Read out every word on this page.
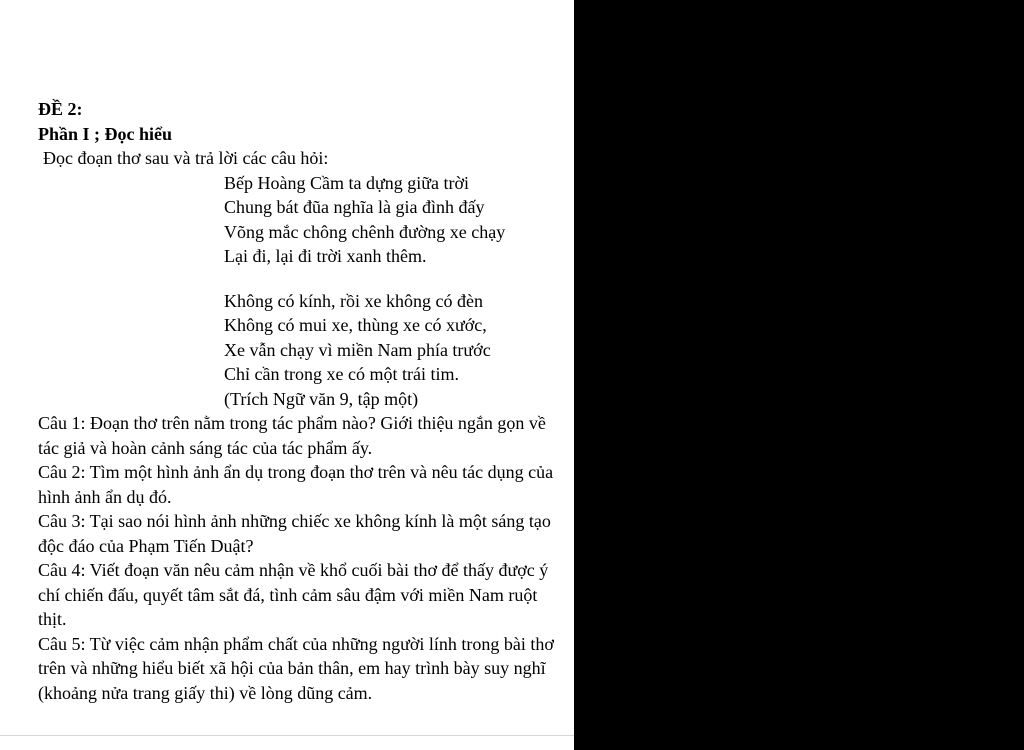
ĐỀ 2:

Phần I ; Đọc hiểu

Đọc đoạn thơ sau và trả lời các câu hỏi:

Bếp Hoàng Cầm ta dựng giữa trời
Chung bát đũa nghĩa là gia đình đấy
Võng mắc chông chênh đường xe chạy
Lại đi, lại đi trời xanh thêm.
Không có kính, rồi xe không có đèn
Không có mui xe, thùng xe có xước,
Xe vẫn chạy vì miền Nam phía trước
Chỉ cần trong xe có một trái tim.
(Trích Ngữ văn 9, tập một)
Câu 1: Đoạn thơ trên nằm trong tác phẩm nào? Giới thiệu ngắn gọn về tác giả và hoàn cảnh sáng tác của tác phẩm ấy.
Câu 2: Tìm một hình ảnh ẩn dụ trong đoạn thơ trên và nêu tác dụng của hình ảnh ẩn dụ đó.
Câu 3: Tại sao nói hình ảnh những chiếc xe không kính là một sáng tạo độc đáo của Phạm Tiến Duật?
Câu 4: Viết đoạn văn nêu cảm nhận về khổ cuối bài thơ để thấy được ý chí chiến đấu, quyết tâm sắt đá, tình cảm sâu đậm với miền Nam ruột thịt.
Câu 5: Từ việc cảm nhận phẩm chất của những người lính trong bài thơ trên và những hiểu biết xã hội của bản thân, em hay trình bày suy nghĩ (khoảng nửa trang giấy thi) về lòng dũng cảm.
